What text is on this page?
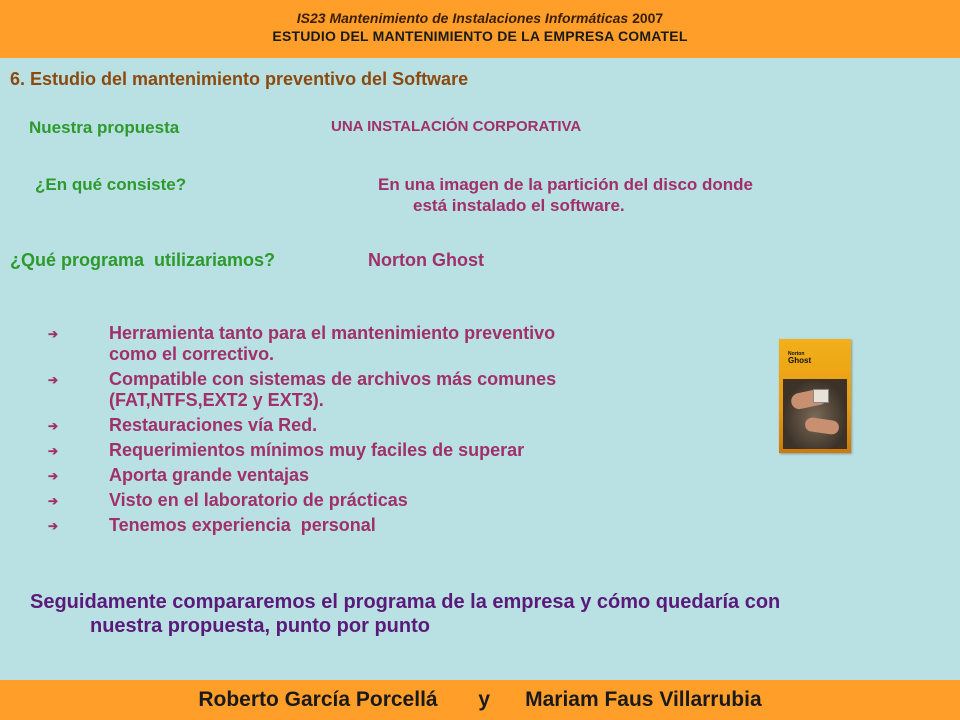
IS23 Mantenimiento de Instalaciones Informáticas 2007
ESTUDIO DEL MANTENIMIENTO DE LA EMPRESA COMATEL
6. Estudio del mantenimiento preventivo del Software
Nuestra propuesta	UNA INSTALACIÓN CORPORATIVA
¿En qué consiste?	En una imagen de la partición del disco donde
está instalado el software.
¿Qué programa  utilizariamos?	Norton Ghost
➔	Herramienta tanto para el mantenimiento preventivo
como el correctivo.
➔	Compatible con sistemas de archivos más comunes
(FAT,NTFS,EXT2 y EXT3).
➔	Restauraciones vía Red.
➔	Requerimientos mínimos muy faciles de superar
➔	Aporta grande ventajas
➔	Visto en el laboratorio de prácticas
➔	Tenemos experiencia  personal
Norton
Ghost
Seguidamente compararemos el programa de la empresa y cómo quedaría con
nuestra propuesta, punto por punto
Roberto García Porcellá       y      Mariam Faus Villarrubia
